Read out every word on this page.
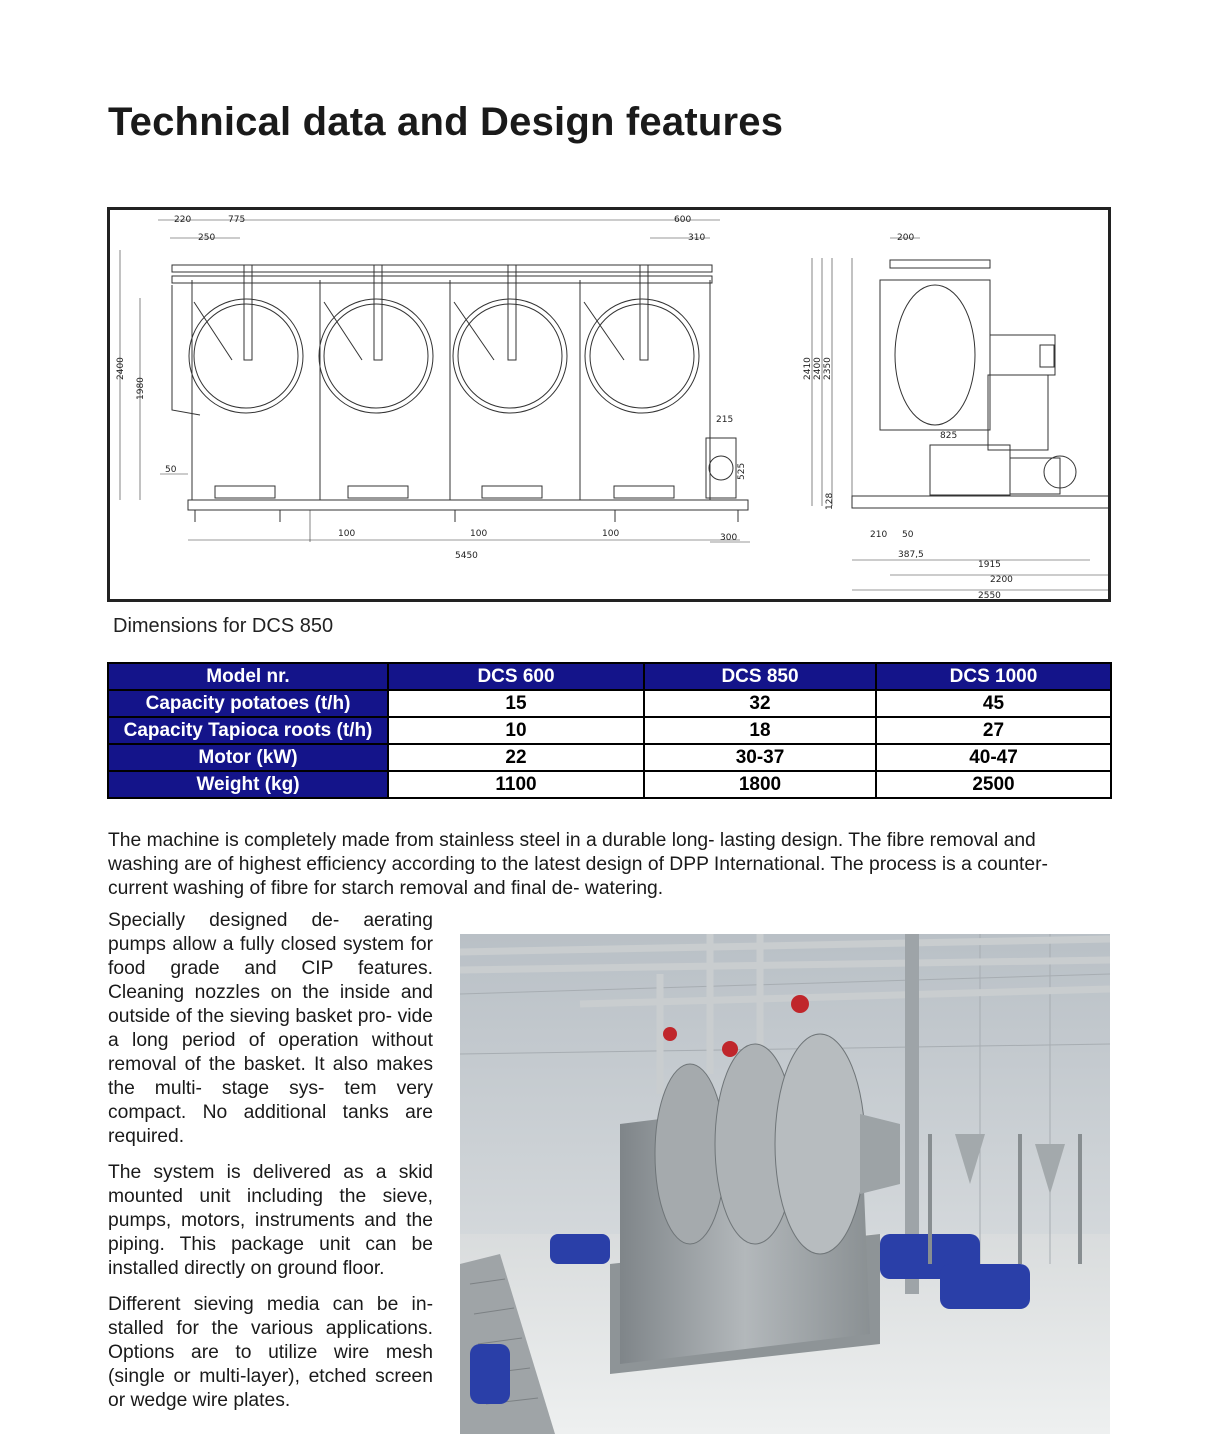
Technical data and Design features
220	775
250
600
310
2400
1980
50
215
525
100	100	100	300
5450
200
2410 2400 2350
825
128
210 50
387,5
1915
2200
2550
Dimensions for DCS 850
Model nr.	DCS 600	DCS 850	DCS 1000
Capacity potatoes (t/h)	15	32	45
Capacity Tapioca roots (t/h)	10	18	27
Motor (kW)	22	30-37	40-47
Weight (kg)	1100	1800	2500
The machine is completely made from stainless steel in a durable long- lasting design. The fibre removal and washing are of highest efficiency according to the latest design of DPP International. The process is a counter- current washing of fibre for starch removal and final de- watering.

Specially designed de- aerating pumps allow a fully closed system for food grade and CIP features. Cleaning nozzles on the inside and outside of the sieving basket pro- vide a long period of operation without removal of the basket. It also makes the multi- stage sys- tem very compact. No additional tanks are required.

The system is delivered as a skid mounted unit including the sieve, pumps, motors, instruments and the piping. This package unit can be installed directly on ground floor.

Different sieving media can be in- stalled for the various applications. Options are to utilize wire mesh (single or multi-layer), etched screen or wedge wire plates.
